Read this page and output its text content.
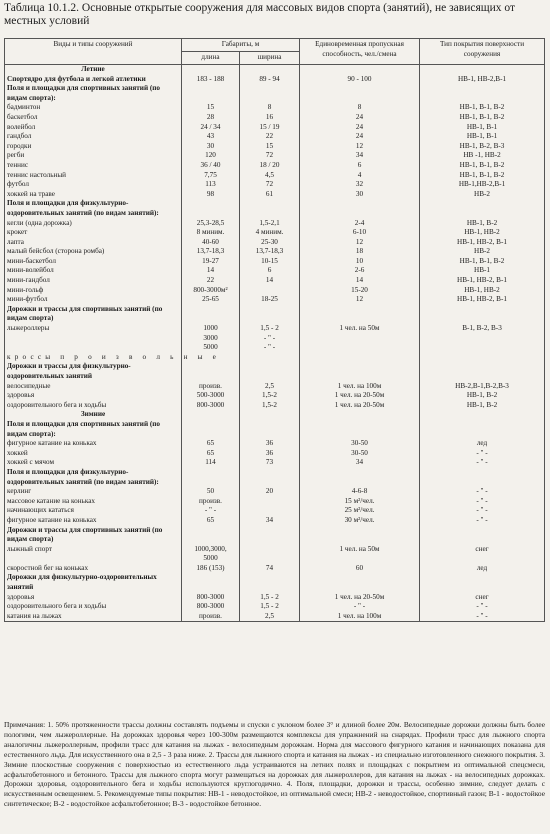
Таблица 10.1.2. Основные открытые сооружения для массовых видов спорта (занятий), не зависящих от местных условий
Виды и типы сооружений	Габариты, м		Единовременная пропускная
способность, чел./смена	Тип покрытия поверхности
сооружения
	длина	ширина		
Летние				
Спортядро для футбола и легкой атлетики	183 - 188	89 - 94	90 - 100	НВ-1, НВ-2,В-1
Поля и площадки для спортивных занятий (по видам спорта):				
бадминтон	15	8	8	НВ-1, В-1, В-2
баскетбол	28	16	24	НВ-1, В-1, В-2
волейбол	24 / 34	15 / 19	24	НВ-1, В-1
гандбол	43	22	24	НВ-1, В-1
городки	30	15	12	НВ-1, В-2, В-3
регби	120	72	34	НВ -1, НВ-2
теннис	36 / 40	18 / 20	6	НВ-1, В-1, В-2
теннис настольный	7,75	4,5	4	НВ-1, В-1, В-2
футбол	113	72	32	НВ-1,НВ-2,В-1
хоккей на траве	98	61	30	НВ-2
Поля и площадки для физкультурно-оздоровительных занятий (по видам занятий):				
кегли (одна дорожка)	25,3-28,5	1,5-2,1	2-4	НВ-1, В-2
крокет	8 миним.	4 миним.	6-10	НВ-1, НВ-2
лапта	40-60	25-30	12	НВ-1, НВ-2, В-1
малый бейсбол (сторона ромба)	13,7-18,3	13,7-18,3	18	НВ-2
мини-баскетбол	19-27	10-15	10	НВ-1, В-1, В-2
мини-волейбол	14	6	2-6	НВ-1
мини-гандбол	22	14	14	НВ-1, НВ-2, В-1
мини-гольф	800-3000м²		15-20	НВ-1, НВ-2
мини-футбол	25-65	18-25	12	НВ-1, НВ-2, В-1
Дорожки и трассы для спортивных занятий (по видам спорта)				
лыжероллеры	1000	1,5 - 2	1 чел. на 50м	В-1, В-2, В-3
	3000	- " -		
	5000	- " -		
кроссы п р о и з в о л ь н ы е				
Дорожки и трассы для физкультурно-оздоровительных занятий				
велосипедные	произв.	2,5	1 чел. на 100м	НВ-2,В-1,В-2,В-3
здоровья	500-3000	1,5-2	1 чел. на 20-50м	НВ-1, В-2
оздоровительного бега и ходьбы	800-3000	1,5-2	1 чел. на 20-50м	НВ-1, В-2
Зимние				
Поля и площадки для спортивных занятий (по видам спорта):				
фигурное катание на коньках	65	36	30-50	лед
хоккей	65	36	30-50	- " -
хоккей с мячом	114	73	34	- " -
Поля и площадки для физкультурно-оздоровительных занятий (по видам занятий):				
керлинг	50	20	4-6-8	- " -
массовое катание на коньках	произв.		15 м²/чел.	- " -
начинающих кататься	- " -		25 м²/чел.	- " -
фигурное катание на коньках	65	34	30 м²/чел.	- " -
Дорожки и трассы для спортивных занятий (по видам спорта)				
лыжный спорт	1000,3000,		1 чел. на 50м	снег
	5000			
скоростной бег на коньках	186 (153)	74	60	лед
Дорожки для физкультурно-оздоровительных занятий				
здоровья	800-3000	1,5 - 2	1 чел. на 20-50м	снег
оздоровительного бега и ходьбы	800-3000	1,5 - 2	- " -	- " -
катания на лыжах	произв.	2,5	1 чел. на 100м	- " -
Примечания: 1. 50% протяженности трассы должны составлять подъемы и спуски с уклоном более 3° и длиной более 20м. Велосипедные дорожки должны быть более пологими, чем лыжероллерные. На дорожках здоровья через 100-300м размещаются комплексы для упражнений на снарядах. Профили трасс для лыжного спорта аналогичны лыжероллерным, профили трасс для катания на лыжах - велосипедным дорожкам. Норма для массового фигурного катания и начинающих показана для естественного льда. Для искусственного она в 2,5 - 3 раза ниже. 2. Трассы для лыжного спорта и катания на лыжах - из специально изготовленного снежного покрытия. 3. Зимние плоскостные сооружения с поверхностью из естественного льда устраиваются на летних полях и площадках с покрытием из оптимальной спецсмеси, асфальтобетонного и бетонного. Трассы для лыжного спорта могут размещаться на дорожках для лыжероллеров, для катания на лыжах - на велосипедных дорожках. Дорожки здоровья, оздоровительного бега и ходьбы используются круглогодично. 4. Поля, площадки, дорожки и трассы, особенно зимние, следует делать с искусственным освещением. 5. Рекомендуемые типы покрытия: НВ-1 - неводостойкое, из оптимальной смеси; НВ-2 - неводостойкое, спортивный газон; В-1 - водостойкое синтетическое; В-2 - водостойкое асфальтобетонное; В-3 - водостойкое бетонное.
